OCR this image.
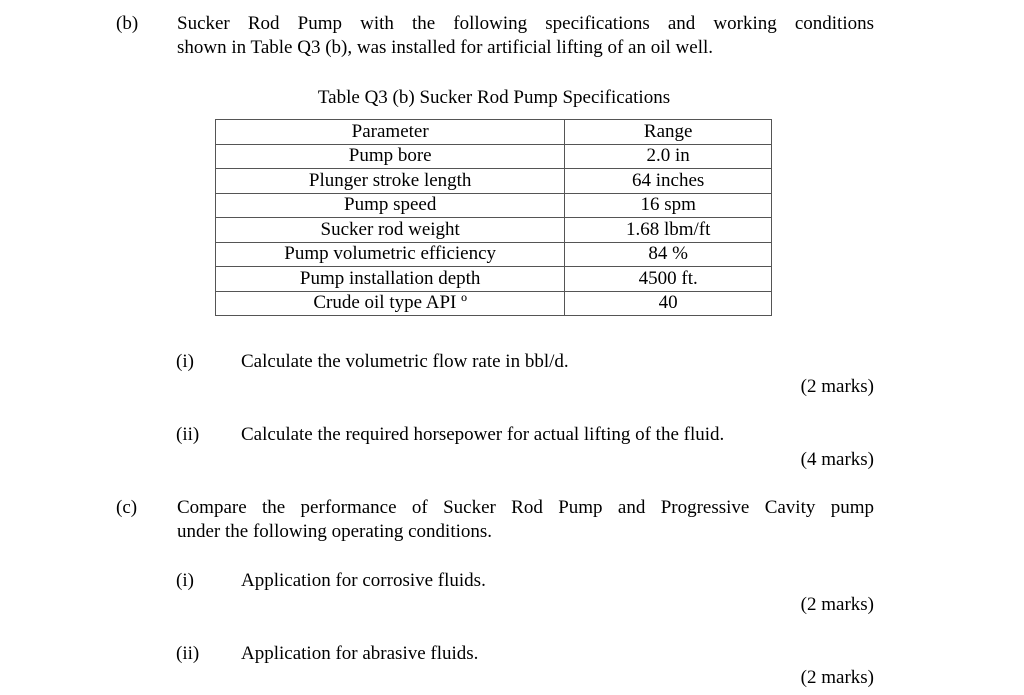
(b) Sucker Rod Pump with the following specifications and working conditions
shown in Table Q3 (b), was installed for artificial lifting of an oil well.
Table Q3 (b) Sucker Rod Pump Specifications
Parameter	Range
Pump bore	2.0 in
Plunger stroke length	64 inches
Pump speed	16 spm
Sucker rod weight	1.68 lbm/ft
Pump volumetric efficiency	84 %
Pump installation depth	4500 ft.
Crude oil type API º	40
(i) Calculate the volumetric flow rate in bbl/d.
(2 marks)
(ii) Calculate the required horsepower for actual lifting of the fluid.
(4 marks)
(c) Compare the performance of Sucker Rod Pump and Progressive Cavity pump
under the following operating conditions.
(i) Application for corrosive fluids.
(2 marks)
(ii) Application for abrasive fluids.
(2 marks)
